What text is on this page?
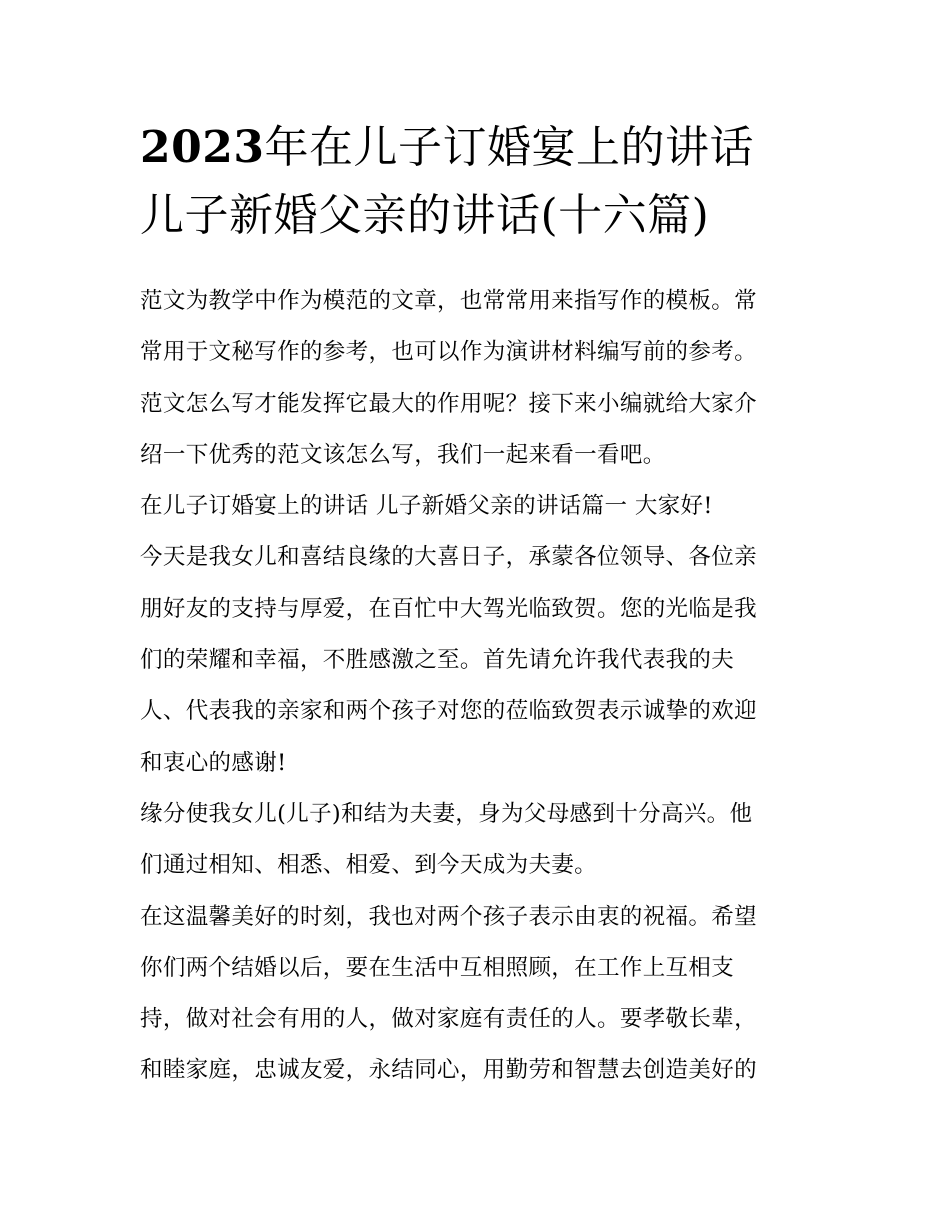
2023年在儿子订婚宴上的讲话
儿子新婚父亲的讲话(十六篇)
范文为教学中作为模范的文章，也常常用来指写作的模板。常
常用于文秘写作的参考，也可以作为演讲材料编写前的参考。
范文怎么写才能发挥它最大的作用呢？接下来小编就给大家介
绍一下优秀的范文该怎么写，我们一起来看一看吧。
在儿子订婚宴上的讲话 儿子新婚父亲的讲话篇一 大家好!
今天是我女儿和喜结良缘的大喜日子，承蒙各位领导、各位亲
朋好友的支持与厚爱，在百忙中大驾光临致贺。您的光临是我
们的荣耀和幸福，不胜感激之至。首先请允许我代表我的夫
人、代表我的亲家和两个孩子对您的莅临致贺表示诚挚的欢迎
和衷心的感谢!
缘分使我女儿(儿子)和结为夫妻，身为父母感到十分高兴。他
们通过相知、相悉、相爱、到今天成为夫妻。
在这温馨美好的时刻，我也对两个孩子表示由衷的祝福。希望
你们两个结婚以后，要在生活中互相照顾，在工作上互相支
持，做对社会有用的人，做对家庭有责任的人。要孝敬长辈，
和睦家庭，忠诚友爱，永结同心，用勤劳和智慧去创造美好的
